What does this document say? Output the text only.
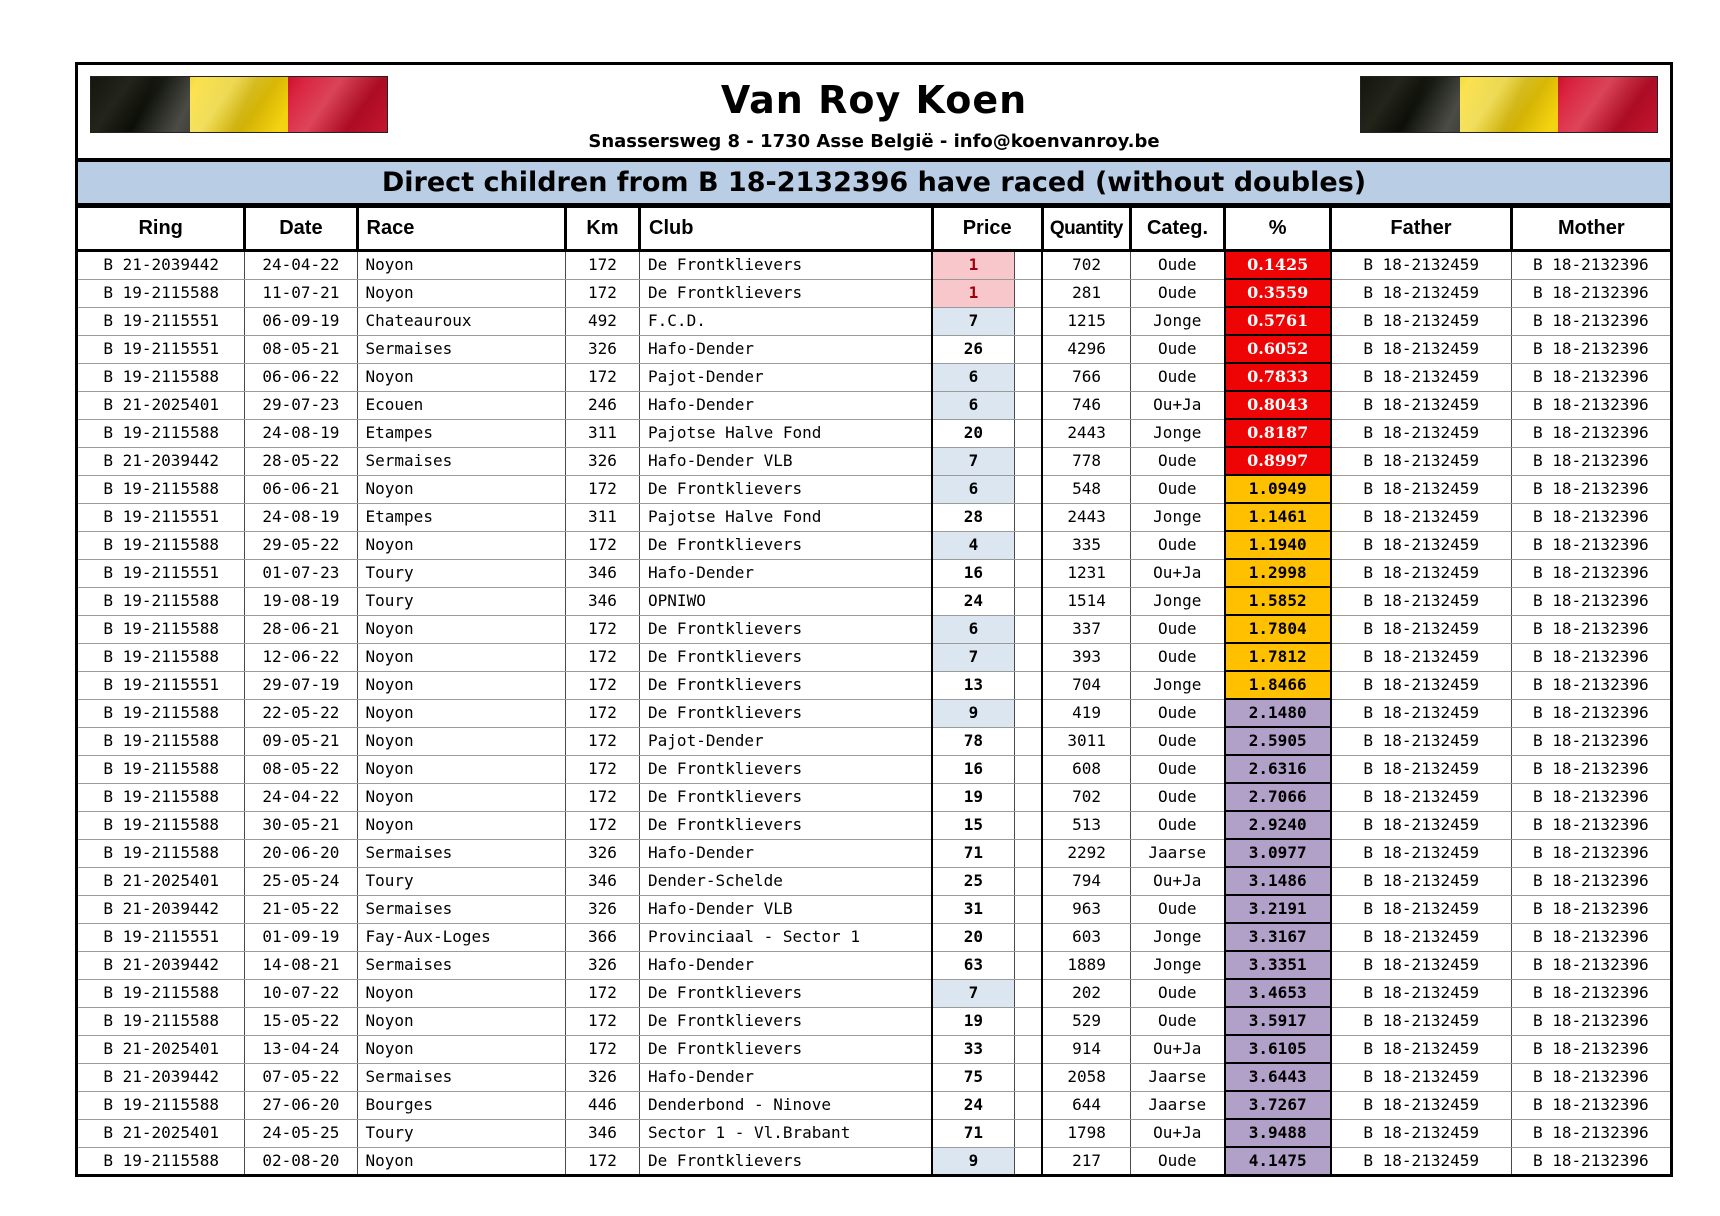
Van Roy Koen
Snassersweg 8 - 1730 Asse België - info@koenvanroy.be
Direct children from B 18-2132396 have raced (without doubles)
Ring	Date	Race	Km	Club	Price		Quantity	Categ.	%	Father	Mother
B 21-2039442	24-04-22	Noyon	172	De Frontklievers	1		702	Oude	0.1425	B 18-2132459	B 18-2132396
B 19-2115588	11-07-21	Noyon	172	De Frontklievers	1		281	Oude	0.3559	B 18-2132459	B 18-2132396
B 19-2115551	06-09-19	Chateauroux	492	F.C.D.	7		1215	Jonge	0.5761	B 18-2132459	B 18-2132396
B 19-2115551	08-05-21	Sermaises	326	Hafo-Dender	26		4296	Oude	0.6052	B 18-2132459	B 18-2132396
B 19-2115588	06-06-22	Noyon	172	Pajot-Dender	6		766	Oude	0.7833	B 18-2132459	B 18-2132396
B 21-2025401	29-07-23	Ecouen	246	Hafo-Dender	6		746	Ou+Ja	0.8043	B 18-2132459	B 18-2132396
B 19-2115588	24-08-19	Etampes	311	Pajotse Halve Fond	20		2443	Jonge	0.8187	B 18-2132459	B 18-2132396
B 21-2039442	28-05-22	Sermaises	326	Hafo-Dender VLB	7		778	Oude	0.8997	B 18-2132459	B 18-2132396
B 19-2115588	06-06-21	Noyon	172	De Frontklievers	6		548	Oude	1.0949	B 18-2132459	B 18-2132396
B 19-2115551	24-08-19	Etampes	311	Pajotse Halve Fond	28		2443	Jonge	1.1461	B 18-2132459	B 18-2132396
B 19-2115588	29-05-22	Noyon	172	De Frontklievers	4		335	Oude	1.1940	B 18-2132459	B 18-2132396
B 19-2115551	01-07-23	Toury	346	Hafo-Dender	16		1231	Ou+Ja	1.2998	B 18-2132459	B 18-2132396
B 19-2115588	19-08-19	Toury	346	OPNIWO	24		1514	Jonge	1.5852	B 18-2132459	B 18-2132396
B 19-2115588	28-06-21	Noyon	172	De Frontklievers	6		337	Oude	1.7804	B 18-2132459	B 18-2132396
B 19-2115588	12-06-22	Noyon	172	De Frontklievers	7		393	Oude	1.7812	B 18-2132459	B 18-2132396
B 19-2115551	29-07-19	Noyon	172	De Frontklievers	13		704	Jonge	1.8466	B 18-2132459	B 18-2132396
B 19-2115588	22-05-22	Noyon	172	De Frontklievers	9		419	Oude	2.1480	B 18-2132459	B 18-2132396
B 19-2115588	09-05-21	Noyon	172	Pajot-Dender	78		3011	Oude	2.5905	B 18-2132459	B 18-2132396
B 19-2115588	08-05-22	Noyon	172	De Frontklievers	16		608	Oude	2.6316	B 18-2132459	B 18-2132396
B 19-2115588	24-04-22	Noyon	172	De Frontklievers	19		702	Oude	2.7066	B 18-2132459	B 18-2132396
B 19-2115588	30-05-21	Noyon	172	De Frontklievers	15		513	Oude	2.9240	B 18-2132459	B 18-2132396
B 19-2115588	20-06-20	Sermaises	326	Hafo-Dender	71		2292	Jaarse	3.0977	B 18-2132459	B 18-2132396
B 21-2025401	25-05-24	Toury	346	Dender-Schelde	25		794	Ou+Ja	3.1486	B 18-2132459	B 18-2132396
B 21-2039442	21-05-22	Sermaises	326	Hafo-Dender VLB	31		963	Oude	3.2191	B 18-2132459	B 18-2132396
B 19-2115551	01-09-19	Fay-Aux-Loges	366	Provinciaal - Sector 1	20		603	Jonge	3.3167	B 18-2132459	B 18-2132396
B 21-2039442	14-08-21	Sermaises	326	Hafo-Dender	63		1889	Jonge	3.3351	B 18-2132459	B 18-2132396
B 19-2115588	10-07-22	Noyon	172	De Frontklievers	7		202	Oude	3.4653	B 18-2132459	B 18-2132396
B 19-2115588	15-05-22	Noyon	172	De Frontklievers	19		529	Oude	3.5917	B 18-2132459	B 18-2132396
B 21-2025401	13-04-24	Noyon	172	De Frontklievers	33		914	Ou+Ja	3.6105	B 18-2132459	B 18-2132396
B 21-2039442	07-05-22	Sermaises	326	Hafo-Dender	75		2058	Jaarse	3.6443	B 18-2132459	B 18-2132396
B 19-2115588	27-06-20	Bourges	446	Denderbond - Ninove	24		644	Jaarse	3.7267	B 18-2132459	B 18-2132396
B 21-2025401	24-05-25	Toury	346	Sector 1 - Vl.Brabant	71		1798	Ou+Ja	3.9488	B 18-2132459	B 18-2132396
B 19-2115588	02-08-20	Noyon	172	De Frontklievers	9		217	Oude	4.1475	B 18-2132459	B 18-2132396
